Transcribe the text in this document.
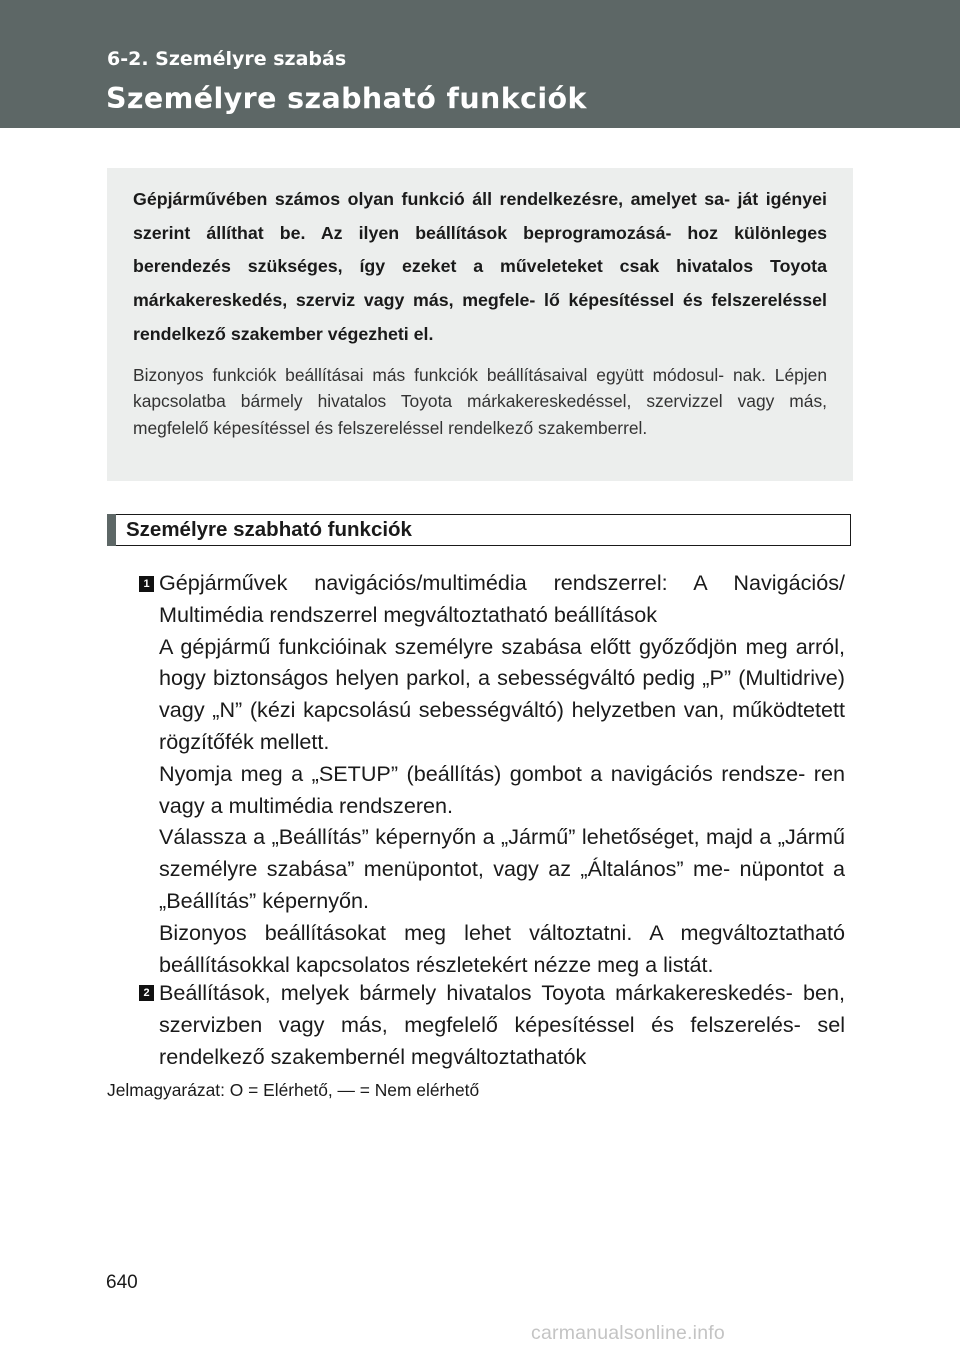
6-2. Személyre szabás
Személyre szabható funkciók
Gépjárművében számos olyan funkció áll rendelkezésre, amelyet sa- ját igényei szerint állíthat be. Az ilyen beállítások beprogramozásá- hoz különleges berendezés szükséges, így ezeket a műveleteket csak hivatalos Toyota márkakereskedés, szerviz vagy más, megfele- lő képesítéssel és felszereléssel rendelkező szakember végezheti el.
Bizonyos funkciók beállításai más funkciók beállításaival együtt módosul- nak. Lépjen kapcsolatba bármely hivatalos Toyota márkakereskedéssel, szervizzel vagy más, megfelelő képesítéssel és felszereléssel rendelkező szakemberrel.
Személyre szabható funkciók
1 Gépjárművek navigációs/multimédia rendszerrel: A Navigációs/ Multimédia rendszerrel megváltoztatható beállítások

A gépjármű funkcióinak személyre szabása előtt győződjön meg arról, hogy biztonságos helyen parkol, a sebességváltó pedig „P” (Multidrive) vagy „N” (kézi kapcsolású sebességváltó) helyzetben van, működtetett rögzítőfék mellett.

Nyomja meg a „SETUP” (beállítás) gombot a navigációs rendsze- ren vagy a multimédia rendszeren.

Válassza a „Beállítás” képernyőn a „Jármű” lehetőséget, majd a „Jármű személyre szabása” menüpontot, vagy az „Általános” me- nüpontot a „Beállítás” képernyőn.

Bizonyos beállításokat meg lehet változtatni. A megváltoztatható beállításokkal kapcsolatos részletekért nézze meg a listát.

2 Beállítások, melyek bármely hivatalos Toyota márkakereskedés- ben, szervizben vagy más, megfelelő képesítéssel és felszerelés- sel rendelkező szakembernél megváltoztathatók

Jelmagyarázat: O = Elérhető, — = Nem elérhető
640
carmanualsonline.info
